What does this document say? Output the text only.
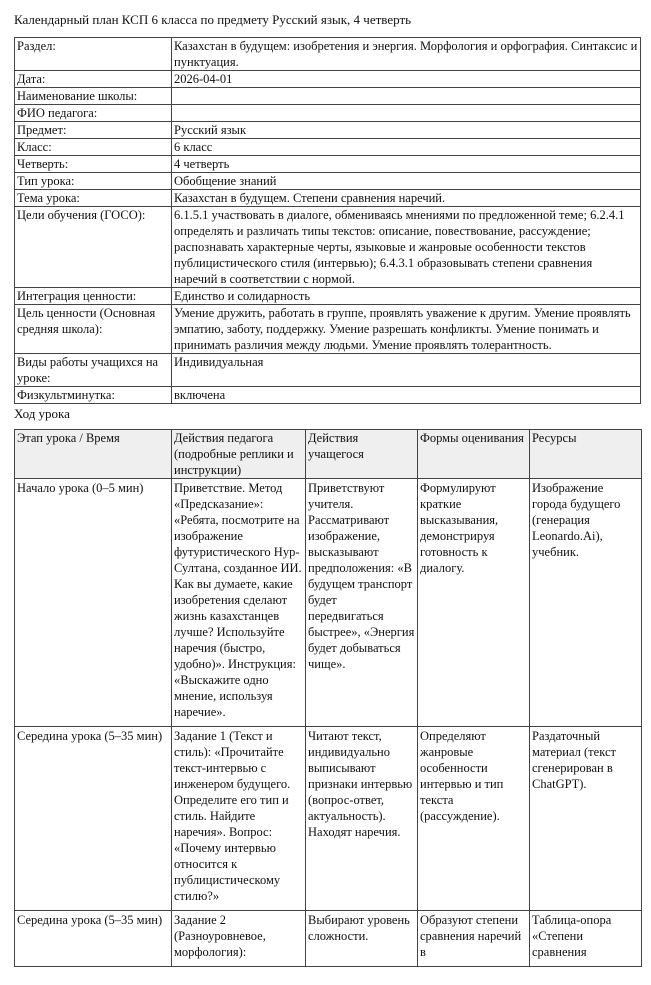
Календарный план КСП 6 класса по предмету Русский язык, 4 четверть
Раздел:	Казахстан в будущем: изобретения и энергия. Морфология и орфография. Синтаксис и пунктуация.
Дата:	2026-04-01
Наименование школы:	
ФИО педагога:	
Предмет:	Русский язык
Класс:	6 класс
Четверть:	4 четверть
Тип урока:	Обобщение знаний
Тема урока:	Казахстан в будущем. Степени сравнения наречий.
Цели обучения (ГОСО):	6.1.5.1 участвовать в диалоге, обмениваясь мнениями по предложенной теме; 6.2.4.1 определять и различать типы текстов: описание, повествование, рассуждение; распознавать характерные черты, языковые и жанровые особенности текстов публицистического стиля (интервью); 6.4.3.1 образовывать степени сравнения наречий в соответствии с нормой.
Интеграция ценности:	Единство и солидарность
Цель ценности (Основная средняя школа):	Умение дружить, работать в группе, проявлять уважение к другим. Умение проявлять эмпатию, заботу, поддержку. Умение разрешать конфликты. Умение понимать и принимать различия между людьми. Умение проявлять толерантность.
Виды работы учащихся на уроке:	Индивидуальная
Физкультминутка:	включена
Ход урока
Этап урока / Время	Действия педагога (подробные реплики и инструкции)	Действия учащегося	Формы оценивания	Ресурсы
Начало урока (0–5 мин)	Приветствие. Метод «Предсказание»: «Ребята, посмотрите на изображение футуристического Нур-Султана, созданное ИИ. Как вы думаете, какие изобретения сделают жизнь казахстанцев лучше? Используйте наречия (быстро, удобно)». Инструкция: «Выскажите одно мнение, используя наречие».	Приветствуют учителя. Рассматривают изображение, высказывают предположения: «В будущем транспорт будет передвигаться быстрее», «Энергия будет добываться чище».	Формулируют краткие высказывания, демонстрируя готовность к диалогу.	Изображение города будущего (генерация Leonardo.Ai), учебник.
Середина урока (5–35 мин)	Задание 1 (Текст и стиль): «Прочитайте текст-интервью с инженером будущего. Определите его тип и стиль. Найдите наречия». Вопрос: «Почему интервью относится к публицистическому стилю?»	Читают текст, индивидуально выписывают признаки интервью (вопрос-ответ, актуальность). Находят наречия.	Определяют жанровые особенности интервью и тип текста (рассуждение).	Раздаточный материал (текст сгенерирован в ChatGPT).
Середина урока (5–35 мин)	Задание 2 (Разноуровневое, морфология):	Выбирают уровень сложности.	Образуют степени сравнения наречий в	Таблица-опора «Степени сравнения
